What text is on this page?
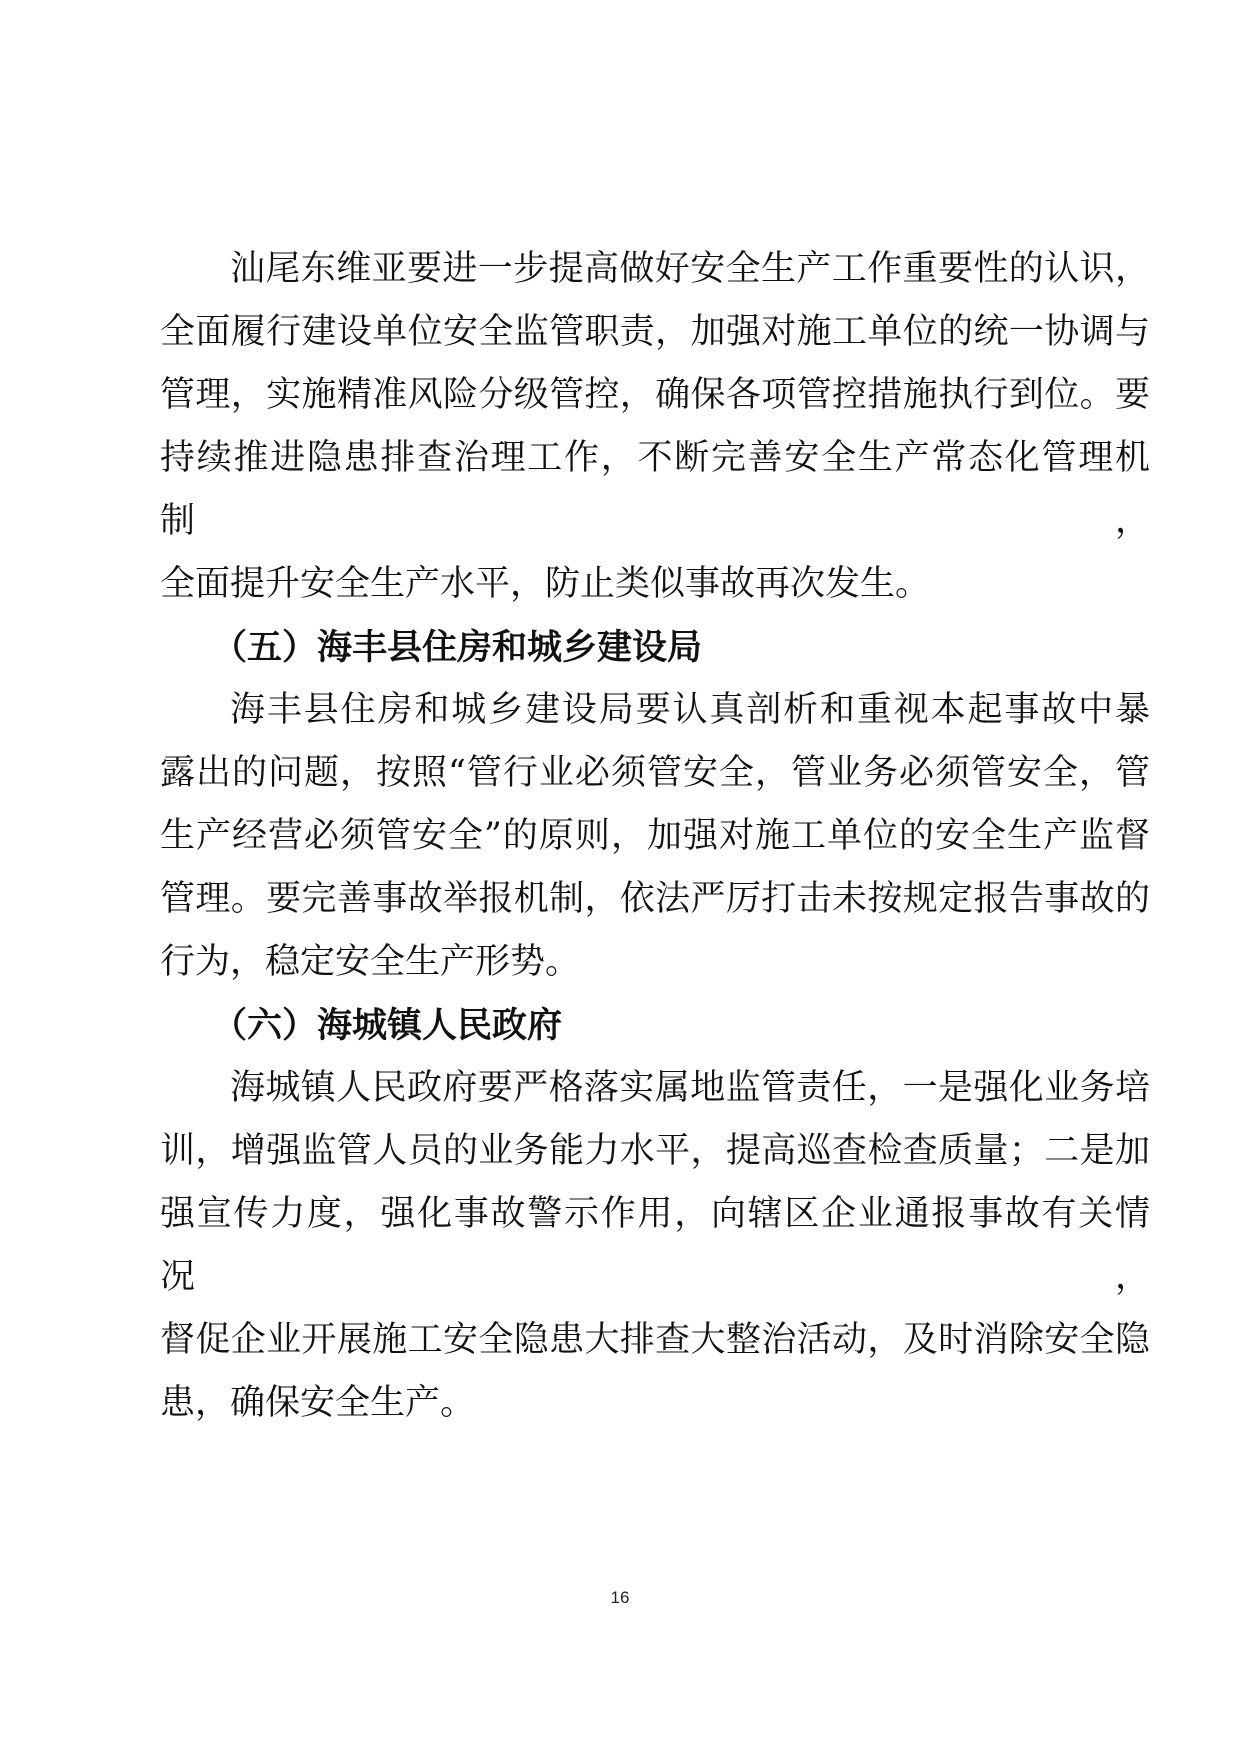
汕尾东维亚要进一步提高做好安全生产工作重要性的认识，
全面履行建设单位安全监管职责，加强对施工单位的统一协调与
管理，实施精准风险分级管控，确保各项管控措施执行到位。要
持续推进隐患排查治理工作，不断完善安全生产常态化管理机制，
全面提升安全生产水平，防止类似事故再次发生。
（五）海丰县住房和城乡建设局
海丰县住房和城乡建设局要认真剖析和重视本起事故中暴
露出的问题，按照“管行业必须管安全，管业务必须管安全，管
生产经营必须管安全”的原则，加强对施工单位的安全生产监督
管理。要完善事故举报机制，依法严厉打击未按规定报告事故的
行为，稳定安全生产形势。
（六）海城镇人民政府
海城镇人民政府要严格落实属地监管责任，一是强化业务培
训，增强监管人员的业务能力水平，提高巡查检查质量；二是加
强宣传力度，强化事故警示作用，向辖区企业通报事故有关情况，
督促企业开展施工安全隐患大排查大整治活动，及时消除安全隐
患，确保安全生产。
16
